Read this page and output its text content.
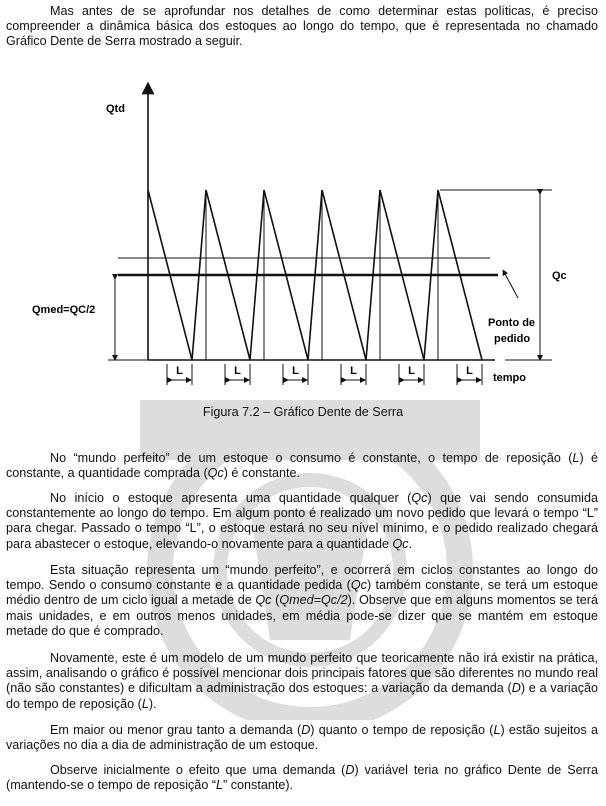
Mas antes de se aprofundar nos detalhes de como determinar estas políticas, é preciso compreender a dinâmica básica dos estoques ao longo do tempo, que é representada no chamado Gráfico Dente de Serra mostrado a seguir.

L	L	L	L	L	L
Qmed=QC/2
Qc
Ponto de
pedido
Qtd
tempo
Figura 7.2 – Gráfico Dente de Serra

No “mundo perfeito” de um estoque o consumo é constante, o tempo de reposição (L) é constante, a quantidade comprada (Qc) é constante.

No início o estoque apresenta uma quantidade qualquer (Qc) que vai sendo consumida constantemente ao longo do tempo. Em algum ponto é realizado um novo pedido que levará o tempo “L” para chegar. Passado o tempo “L”, o estoque estará no seu nível mínimo, e o pedido realizado chegará para abastecer o estoque, elevando-o novamente para a quantidade Qc.

Esta situação representa um “mundo perfeito”, e ocorrerá em ciclos constantes ao longo do tempo. Sendo o consumo constante e a quantidade pedida (Qc) também constante, se terá um estoque médio dentro de um ciclo igual a metade de Qc (Qmed=Qc/2). Observe que em alguns momentos se terá mais unidades, e em outros menos unidades, em média pode-se dizer que se mantém em estoque metade do que é comprado.

Novamente, este é um modelo de um mundo perfeito que teoricamente não irá existir na prática, assim, analisando o gráfico é possível mencionar dois principais fatores que são diferentes no mundo real (não são constantes) e dificultam a administração dos estoques: a variação da demanda (D) e a variação do tempo de reposição (L).

Em maior ou menor grau tanto a demanda (D) quanto o tempo de reposição (L) estão sujeitos a variações no dia a dia de administração de um estoque.

Observe inicialmente o efeito que uma demanda (D) variável teria no gráfico Dente de Serra (mantendo-se o tempo de reposição “L” constante).
